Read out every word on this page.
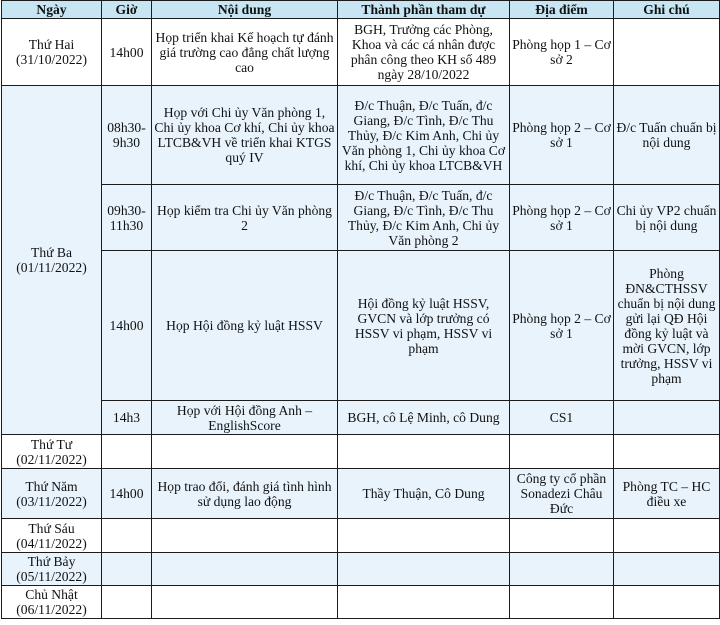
Ngày	Giờ	Nội dung	Thành phần tham dự	Địa điểm	Ghi chú

Thứ Hai
(31/10/2022)	14h00	Họp triển khai Kế hoạch tự đánh giá trường cao đẳng chất lượng cao	BGH, Trưởng các Phòng, Khoa và các cá nhân được phân công theo KH số 489 ngày 28/10/2022	Phòng họp 1 – Cơ sở 2	

Thứ Ba
(01/11/2022)	08h30-9h30	Họp với Chi ủy Văn phòng 1, Chi ủy khoa Cơ khí, Chi ủy khoa LTCB&VH về triển khai KTGS quý IV	Đ/c Thuận, Đ/c Tuấn, đ/c Giang, Đ/c Tình, Đ/c Thu Thủy, Đ/c Kim Anh, Chi ủy Văn phòng 1, Chi ủy khoa Cơ khí, Chi ủy khoa LTCB&VH	Phòng họp 2 – Cơ sở 1	Đ/c Tuấn chuẩn bị nội dung
	09h30-11h30	Họp kiểm tra Chi ủy Văn phòng 2	Đ/c Thuận, Đ/c Tuấn, đ/c Giang, Đ/c Tình, Đ/c Thu Thủy, Đ/c Kim Anh, Chi ủy Văn phòng 2	Phòng họp 2 – Cơ sở 1	Chi ủy VP2 chuẩn bị nội dung
	14h00	Họp Hội đồng kỷ luật HSSV	Hội đồng kỷ luật HSSV, GVCN và lớp trưởng có HSSV vi phạm, HSSV vi phạm	Phòng họp 2 – Cơ sở 1	Phòng ĐN&CTHSSV chuẩn bị nội dung gửi lại QĐ Hội đồng kỷ luật và mời GVCN, lớp trưởng, HSSV vi phạm
	14h3	Họp với Hội đồng Anh – EnglishScore	BGH, cô Lệ Minh, cô Dung	CS1	

Thứ Tư
(02/11/2022)					

Thứ Năm
(03/11/2022)	14h00	Họp trao đổi, đánh giá tình hình sử dụng lao động	Thầy Thuận, Cô Dung	Công ty cổ phần Sonadezi Châu Đức	Phòng TC – HC điều xe

Thứ Sáu
(04/11/2022)					

Thứ Bảy
(05/11/2022)					

Chủ Nhật
(06/11/2022)					
